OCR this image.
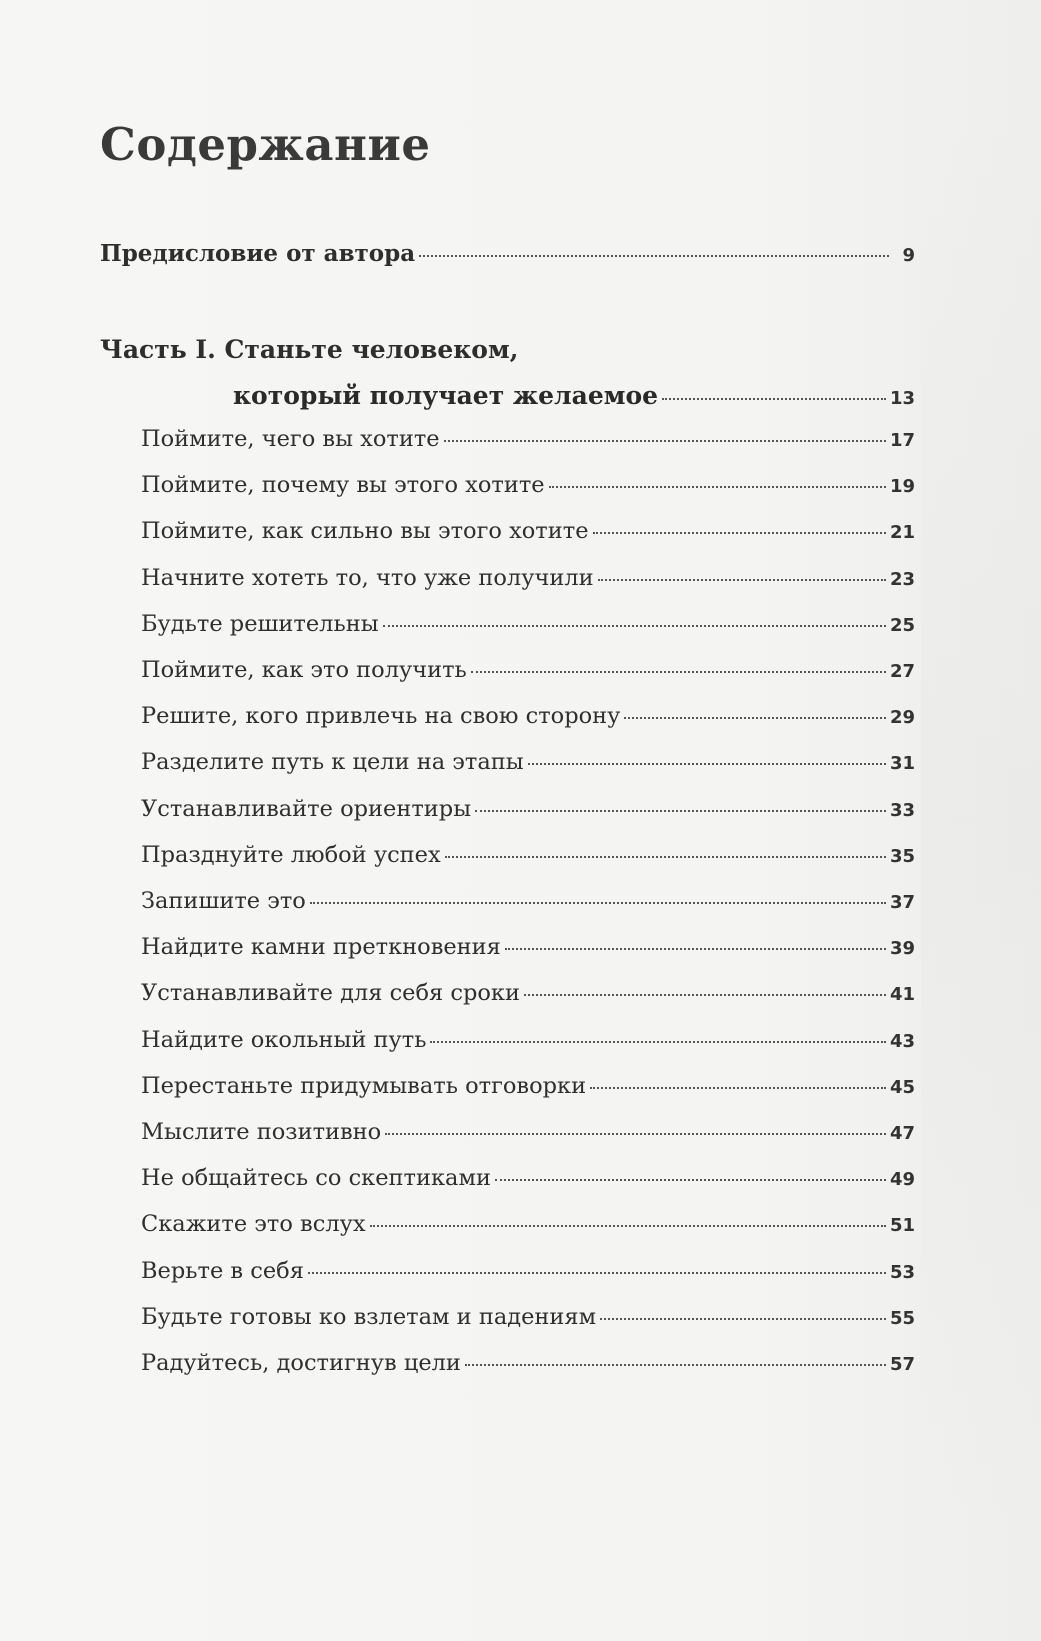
Содержание
Предисловие от автора	9
Часть I. Станьте человеком,
который получает желаемое	13
Поймите, чего вы хотите	17
Поймите, почему вы этого хотите	19
Поймите, как сильно вы этого хотите	21
Начните хотеть то, что уже получили	23
Будьте решительны	25
Поймите, как это получить	27
Решите, кого привлечь на свою сторону	29
Разделите путь к цели на этапы	31
Устанавливайте ориентиры	33
Празднуйте любой успех	35
Запишите это	37
Найдите камни преткновения	39
Устанавливайте для себя сроки	41
Найдите окольный путь	43
Перестаньте придумывать отговорки	45
Мыслите позитивно	47
Не общайтесь со скептиками	49
Скажите это вслух	51
Верьте в себя	53
Будьте готовы ко взлетам и падениям	55
Радуйтесь, достигнув цели	57
